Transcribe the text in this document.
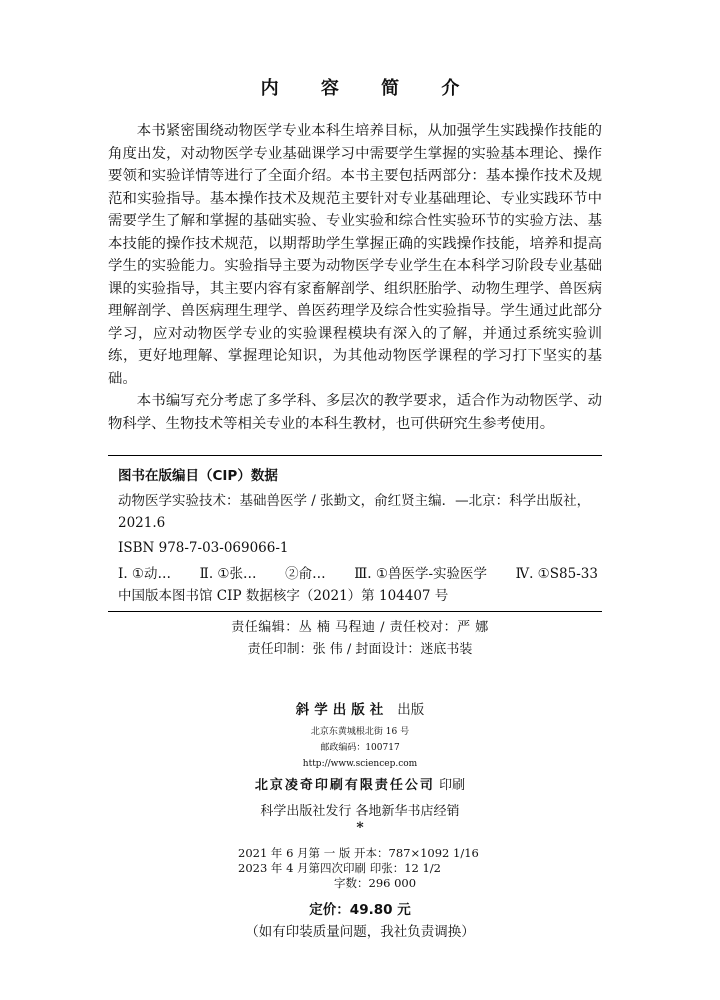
内 容 简 介

本书紧密围绕动物医学专业本科生培养目标，从加强学生实践操作技能的角度出发，对动物医学专业基础课学习中需要学生掌握的实验基本理论、操作要领和实验详情等进行了全面介绍。本书主要包括两部分：基本操作技术及规范和实验指导。基本操作技术及规范主要针对专业基础理论、专业实践环节中需要学生了解和掌握的基础实验、专业实验和综合性实验环节的实验方法、基本技能的操作技术规范，以期帮助学生掌握正确的实践操作技能，培养和提高学生的实验能力。实验指导主要为动物医学专业学生在本科学习阶段专业基础课的实验指导，其主要内容有家畜解剖学、组织胚胎学、动物生理学、兽医病理解剖学、兽医病理生理学、兽医药理学及综合性实验指导。学生通过此部分学习，应对动物医学专业的实验课程模块有深入的了解，并通过系统实验训练，更好地理解、掌握理论知识，为其他动物医学课程的学习打下坚实的基础。

本书编写充分考虑了多学科、多层次的教学要求，适合作为动物医学、动物科学、生物技术等相关专业的本科生教材，也可供研究生参考使用。

图书在版编目（CIP）数据
动物医学实验技术：基础兽医学 / 张勤文，俞红贤主编．—北京：科学出版社，2021.6
ISBN 978-7-03-069066-1
Ⅰ. ①动… Ⅱ. ①张… ②俞… Ⅲ. ①兽医学-实验医学 Ⅳ. ①S85-33
中国版本图书馆 CIP 数据核字（2021）第 104407 号
责任编辑：丛 楠 马程迪 / 责任校对：严 娜
责任印制：张 伟 / 封面设计：迷底书装
斜学出版社 出版
北京东黄城根北街 16 号
邮政编码：100717
http://www.sciencep.com
北京凌奇印刷有限责任公司 印刷
科学出版社发行 各地新华书店经销
*
2021 年 6 月第 一 版 开本：787×1092 1/16
2023 年 4 月第四次印刷 印张：12 1/2
字数：296 000
定价：49.80 元
（如有印装质量问题，我社负责调换）
